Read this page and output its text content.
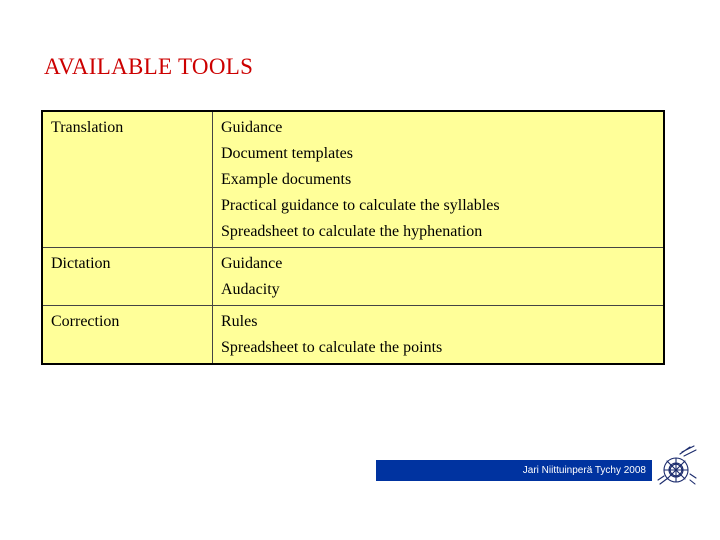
AVAILABLE TOOLS
Translation	Guidance
Document templates
Example documents
Practical guidance to calculate the syllables
Spreadsheet to calculate the hyphenation

Dictation	Guidance
Audacity

Correction	Rules
Spreadsheet to calculate the points
Jari Niittuinperä Tychy 2008
